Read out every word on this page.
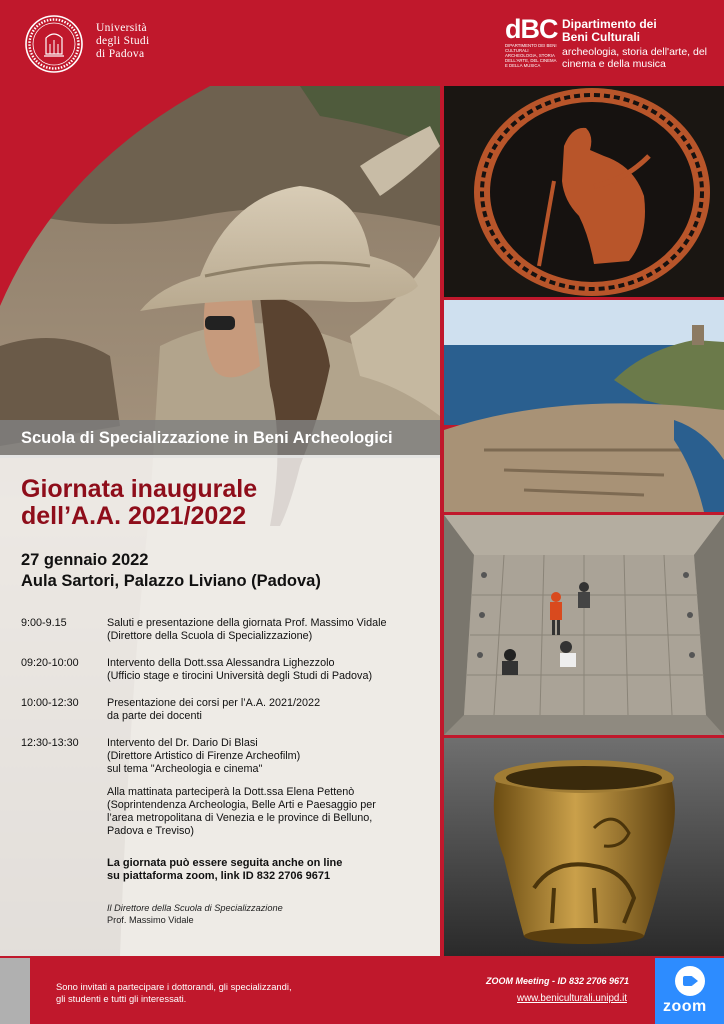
Università
degli Studi
di Padova
dBC
DIPARTIMENTO DEI BENI CULTURALI ARCHEOLOGIA, STORIA DELL'ARTE, DEL CINEMA E DELLA MUSICA
Dipartimento dei
Beni Culturali
archeologia, storia dell'arte, del cinema e della musica
Scuola di Specializzazione in Beni Archeologici
Giornata inaugurale
dell’A.A. 2021/2022
27 gennaio 2022
Aula Sartori, Palazzo Liviano (Padova)
9:00-9.15	Saluti e presentazione della giornata Prof. Massimo Vidale
(Direttore della Scuola di Specializzazione)
09:20-10:00	Intervento della Dott.ssa Alessandra Lighezzolo
(Ufficio stage e tirocini Università degli Studi di Padova)
10:00-12:30	Presentazione dei corsi per l’A.A. 2021/2022
da parte dei docenti
12:30-13:30	Intervento del Dr. Dario Di Blasi
(Direttore Artistico di Firenze Archeofilm)
sul tema "Archeologia e cinema"
Alla mattinata parteciperà la Dott.ssa Elena Pettenò
(Soprintendenza Archeologia, Belle Arti e Paesaggio per
l’area metropolitana di Venezia e le province di Belluno,
Padova e Treviso)
La giornata può essere seguita anche on line
su piattaforma zoom, link ID 832 2706 9671
Il Direttore della Scuola di Specializzazione
Prof. Massimo Vidale
Sono invitati a partecipare i dottorandi, gli specializzandi,
gli studenti e tutti gli interessati.
ZOOM Meeting - ID 832 2706 9671
www.beniculturali.unipd.it zoom
